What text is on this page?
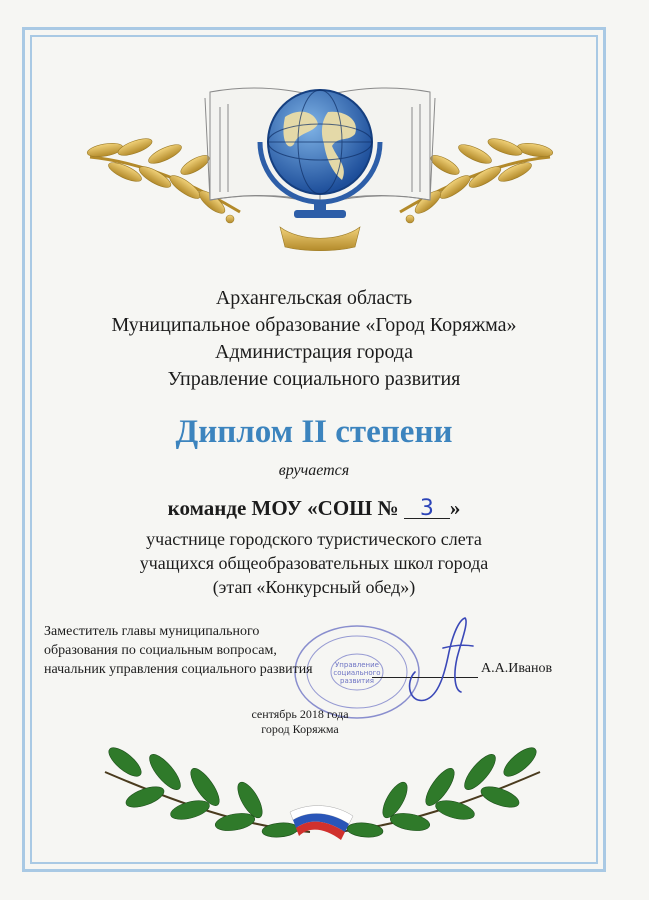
Архангельская область
Муниципальное образование «Город Коряжма»
Администрация города
Управление социального развития
Диплом II степени
вручается
команде МОУ «СОШ № 3 »
участнице городского туристического слета
учащихся общеобразовательных школ города
(этап «Конкурсный обед»)
Управление
социального
развития
Заместитель главы муниципального
образования по социальным вопросам,
начальник управления социального развития	А.А.Иванов
сентябрь 2018 года
город Коряжма
